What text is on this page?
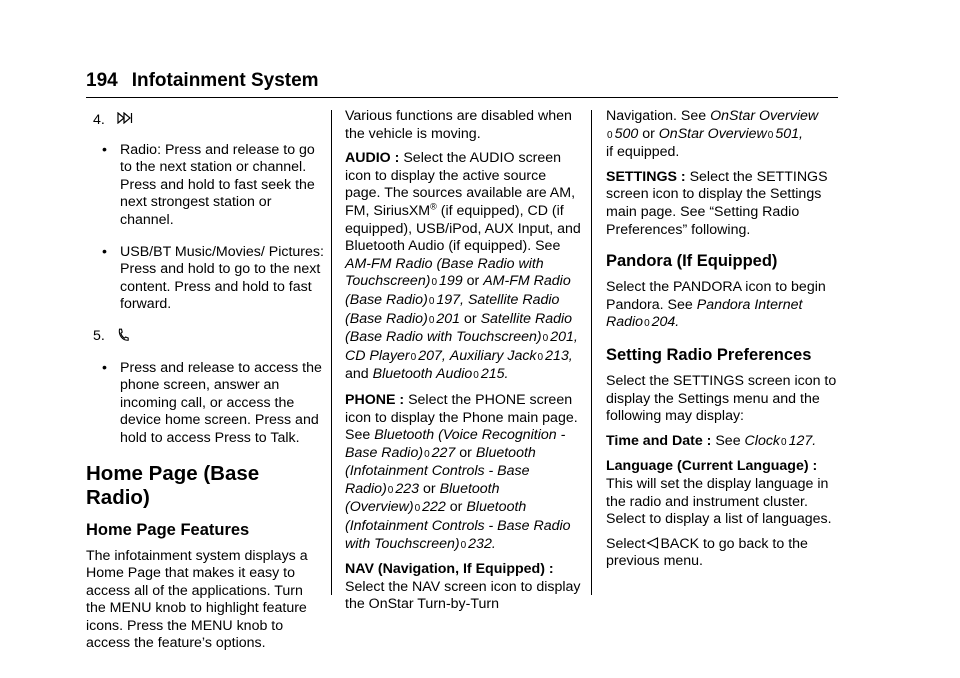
194 Infotainment System
4.
• Radio: Press and release to go to the next station or channel. Press and hold to fast seek the next strongest station or channel.
• USB/BT Music/Movies/ Pictures: Press and hold to go to the next content. Press and hold to fast forward.
5.
• Press and release to access the phone screen, answer an incoming call, or access the device home screen. Press and hold to access Press to Talk.
Home Page (Base Radio)
Home Page Features

The infotainment system displays a Home Page that makes it easy to access all of the applications. Turn the MENU knob to highlight feature icons. Press the MENU knob to access the feature’s options.

Various functions are disabled when the vehicle is moving.

AUDIO : Select the AUDIO screen icon to display the active source page. The sources available are AM, FM, SiriusXM® (if equipped), CD (if equipped), USB/iPod, AUX Input, and Bluetooth Audio (if equipped). See AM-FM Radio (Base Radio with Touchscreen)0 199 or AM-FM Radio (Base Radio)0 197, Satellite Radio (Base Radio)0 201 or Satellite Radio (Base Radio with Touchscreen)0 201, CD Player0 207, Auxiliary Jack0 213, and Bluetooth Audio0 215.

PHONE : Select the PHONE screen icon to display the Phone main page. See Bluetooth (Voice Recognition - Base Radio)0 227 or Bluetooth (Infotainment Controls - Base Radio)0 223 or Bluetooth (Overview)0 222 or Bluetooth (Infotainment Controls - Base Radio with Touchscreen)0 232.

NAV (Navigation, If Equipped) :
Select the NAV screen icon to display the OnStar Turn-by-Turn

Navigation. See OnStar Overview
0 500 or OnStar Overview0 501,
if equipped.

SETTINGS : Select the SETTINGS screen icon to display the Settings main page. See “Setting Radio Preferences” following.

Pandora (If Equipped)

Select the PANDORA icon to begin Pandora. See Pandora Internet Radio0 204.

Setting Radio Preferences

Select the SETTINGS screen icon to display the Settings menu and the following may display:

Time and Date : See Clock0 127.

Language (Current Language) :
This will set the display language in the radio and instrument cluster. Select to display a list of languages.

Select BACK to go back to the previous menu.
